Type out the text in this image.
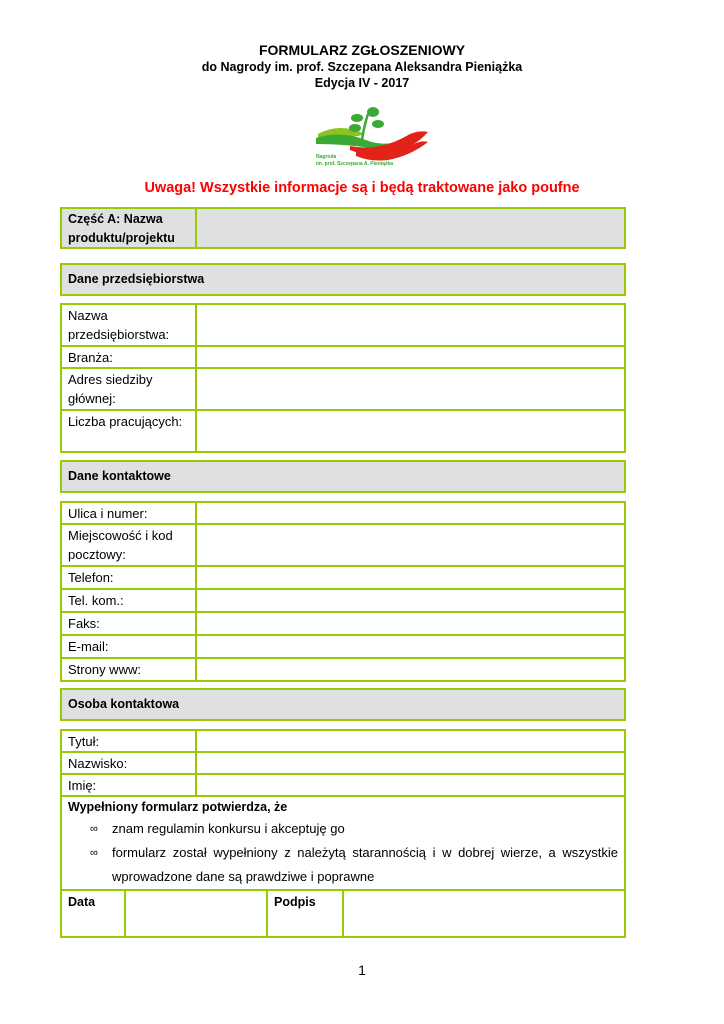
FORMULARZ ZGŁOSZENIOWY
do Nagrody im. prof. Szczepana Aleksandra Pieniążka
Edycja IV - 2017
Nagroda
im. prof. Szczepana A. Pieniążka
Uwaga! Wszystkie informacje są i będą traktowane jako poufne
Część A: Nazwa produktu/projektu
Dane przedsiębiorstwa
Nazwa przedsiębiorstwa:
Branża:
Adres siedziby głównej:
Liczba pracujących:
Dane kontaktowe
Ulica i numer:
Miejscowość i kod pocztowy:
Telefon:
Tel. kom.:
Faks:
E-mail:
Strony www:
Osoba kontaktowa
Tytuł:
Nazwisko:
Imię:
Wypełniony formularz potwierdza, że
∞	znam regulamin konkursu i akceptuję go
∞	formularz został wypełniony z należytą starannością i w dobrej wierze, a wszystkie wprowadzone dane są prawdziwe i poprawne
Data	Podpis
1
